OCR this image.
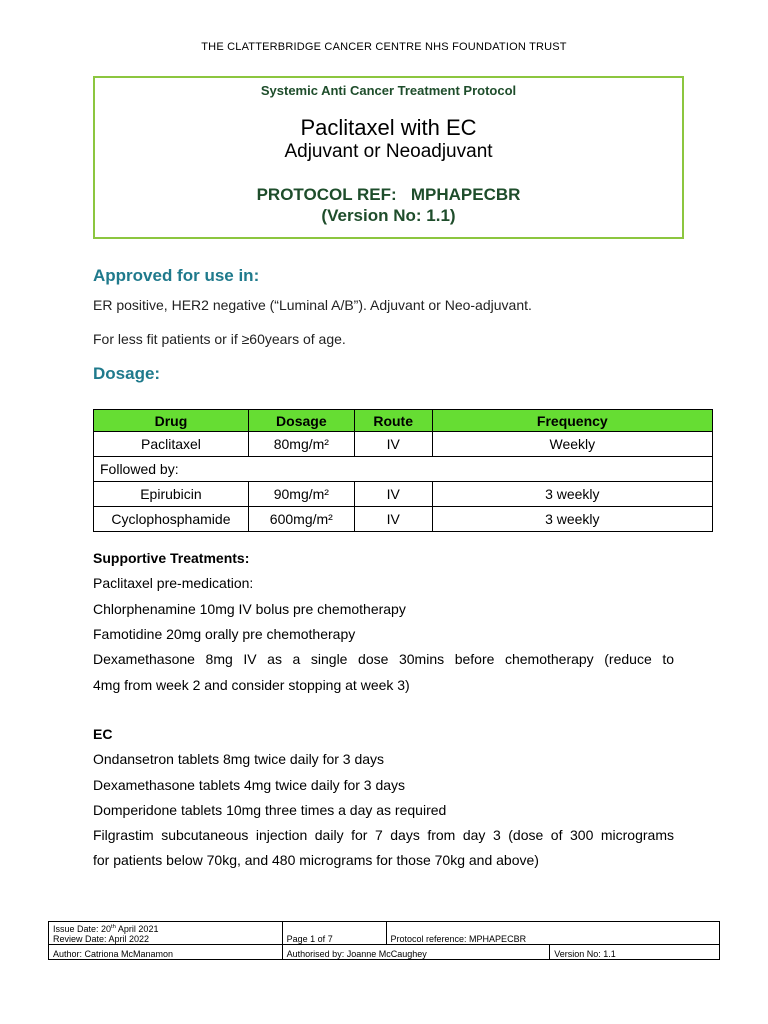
THE CLATTERBRIDGE CANCER CENTRE NHS FOUNDATION TRUST
Systemic Anti Cancer Treatment Protocol
Paclitaxel with EC
Adjuvant or Neoadjuvant
PROTOCOL REF:   MPHAPECBR
(Version No: 1.1)
Approved for use in:
ER positive, HER2 negative (“Luminal A/B”). Adjuvant or Neo-adjuvant.
For less fit patients or if ≥60years of age.
Dosage:
Drug	Dosage	Route	Frequency
Paclitaxel	80mg/m²	IV	Weekly
Followed by:			
Epirubicin	90mg/m²	IV	3 weekly
Cyclophosphamide	600mg/m²	IV	3 weekly
Supportive Treatments:
Paclitaxel pre-medication:
Chlorphenamine 10mg IV bolus pre chemotherapy
Famotidine 20mg orally pre chemotherapy
Dexamethasone 8mg IV as a single dose 30mins before chemotherapy (reduce to
4mg from week 2 and consider stopping at week 3)
EC
Ondansetron tablets 8mg twice daily for 3 days
Dexamethasone tablets 4mg twice daily for 3 days
Domperidone tablets 10mg three times a day as required
Filgrastim subcutaneous injection daily for 7 days from day 3 (dose of 300 micrograms
for patients below 70kg, and 480 micrograms for those 70kg and above)
Issue Date: 20th April 2021
Review Date: April 2022	Page 1 of 7	Protocol reference: MPHAPECBR	
Author: Catriona McManamon	Authorised by: Joanne McCaughey		Version No: 1.1
